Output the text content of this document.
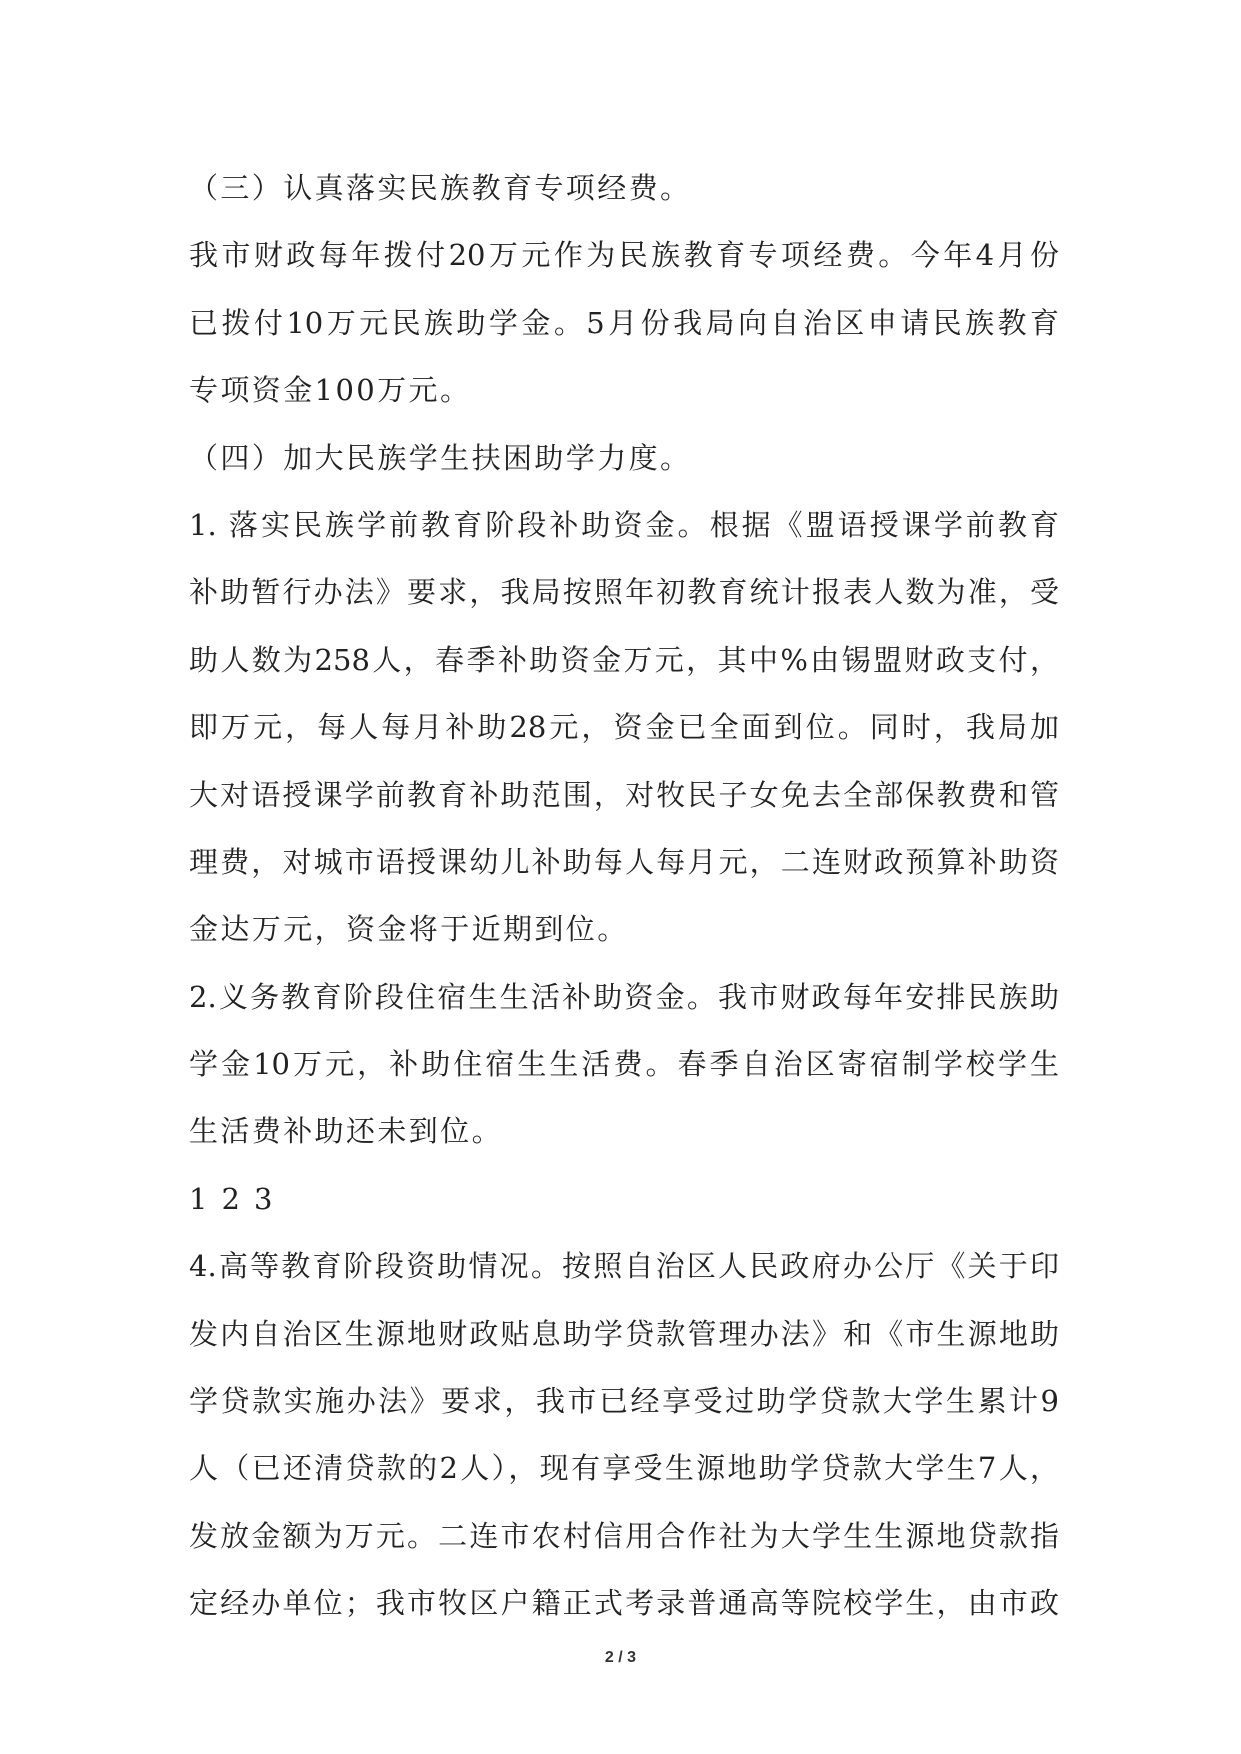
（三）认真落实民族教育专项经费。
我市财政每年拨付20万元作为民族教育专项经费。今年4月份
已拨付10万元民族助学金。5月份我局向自治区申请民族教育
专项资金100万元。
（四）加大民族学生扶困助学力度。
1. 落实民族学前教育阶段补助资金。根据《盟语授课学前教育
补助暂行办法》要求，我局按照年初教育统计报表人数为准，受
助人数为258人，春季补助资金万元，其中%由锡盟财政支付，
即万元，每人每月补助28元，资金已全面到位。同时，我局加
大对语授课学前教育补助范围，对牧民子女免去全部保教费和管
理费，对城市语授课幼儿补助每人每月元，二连财政预算补助资
金达万元，资金将于近期到位。
2.义务教育阶段住宿生生活补助资金。我市财政每年安排民族助
学金10万元，补助住宿生生活费。春季自治区寄宿制学校学生
生活费补助还未到位。
1 2 3
4.高等教育阶段资助情况。按照自治区人民政府办公厅《关于印
发内自治区生源地财政贴息助学贷款管理办法》和《市生源地助
学贷款实施办法》要求，我市已经享受过助学贷款大学生累计9
人（已还清贷款的2人），现有享受生源地助学贷款大学生7人，
发放金额为万元。二连市农村信用合作社为大学生生源地贷款指
定经办单位；我市牧区户籍正式考录普通高等院校学生，由市政
2 / 3
